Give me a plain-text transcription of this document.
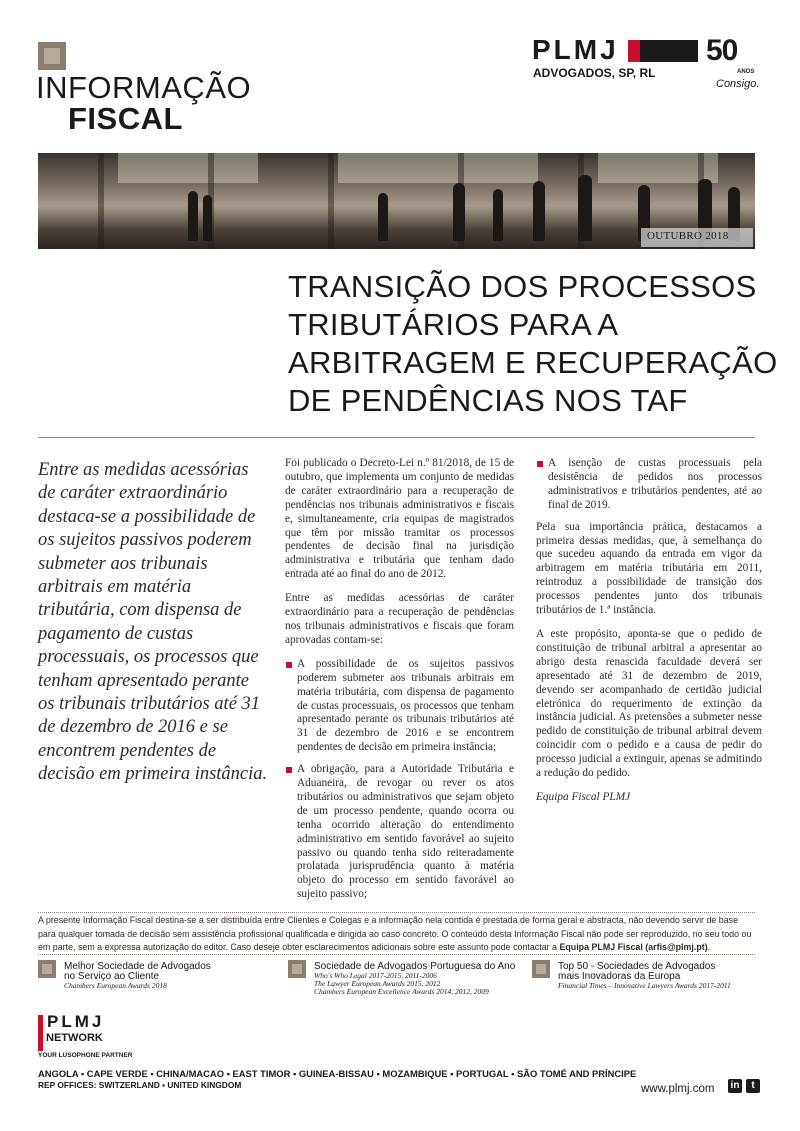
INFORMAÇÃO
FISCAL
PLMJ
ADVOGADOS, SP, RL
50
ANOS
Consigo.
OUTUBRO 2018
TRANSIÇÃO DOS PROCESSOS
TRIBUTÁRIOS PARA A
ARBITRAGEM E RECUPERAÇÃO
DE PENDÊNCIAS NOS TAF
Entre as medidas acessórias de caráter extraordinário destaca-se a possibilidade de os sujeitos passivos poderem submeter aos tribunais arbitrais em matéria tributária, com dispensa de pagamento de custas processuais, os processos que tenham apresentado perante os tribunais tributários até 31 de dezembro de 2016 e se encontrem pendentes de decisão em primeira instância.

Foi publicado o Decreto-Lei n.º 81/2018, de 15 de outubro, que implementa um conjunto de medidas de caráter extraordinário para a recuperação de pendências nos tribunais administrativos e fiscais e, simultaneamente, cria equipas de magistrados que têm por missão tramitar os processos pendentes de decisão final na jurisdição administrativa e tributária que tenham dado entrada até ao final do ano de 2012.

Entre as medidas acessórias de caráter extraordinário para a recuperação de pendências nos tribunais administrativos e fiscais que foram aprovadas contam-se:

A possibilidade de os sujeitos passivos poderem submeter aos tribunais arbitrais em matéria tributária, com dispensa de pagamento de custas processuais, os processos que tenham apresentado perante os tribunais tributários até 31 de dezembro de 2016 e se encontrem pendentes de decisão em primeira instância;
A obrigação, para a Autoridade Tributária e Aduaneira, de revogar ou rever os atos tributários ou administrativos que sejam objeto de um processo pendente, quando ocorra ou tenha ocorrido alteração do entendimento administrativo em sentido favorável ao sujeito passivo ou quando tenha sido reiteradamente prolatada jurisprudência quanto à matéria objeto do processo em sentido favorável ao sujeito passivo;
A isenção de custas processuais pela desistência de pedidos nos processos administrativos e tributários pendentes, até ao final de 2019.

Pela sua importância prática, destacamos a primeira dessas medidas, que, à semelhança do que sucedeu aquando da entrada em vigor da arbitragem em matéria tributária em 2011, reintroduz a possibilidade de transição dos processos pendentes junto dos tribunais tributários de 1.ª instância.

A este propósito, aponta-se que o pedido de constituição de tribunal arbitral a apresentar ao abrigo desta renascida faculdade deverá ser apresentado até 31 de dezembro de 2019, devendo ser acompanhado de certidão judicial eletrónica do requerimento de extinção da instância judicial. As pretensões a submeter nesse pedido de constituição de tribunal arbitral devem coincidir com o pedido e a causa de pedir do processo judicial a extinguir, apenas se admitindo a redução do pedido.

Equipa Fiscal PLMJ

A presente Informação Fiscal destina-se a ser distribuída entre Clientes e Colegas e a informação nela contida é prestada de forma geral e abstracta, não devendo servir de base para qualquer tomada de decisão sem assistência profissional qualificada e dirigida ao caso concreto. O conteúdo desta Informação Fiscal não pode ser reproduzido, no seu todo ou em parte, sem a expressa autorização do editor. Caso deseje obter esclarecimentos adicionais sobre este assunto pode contactar a Equipa PLMJ Fiscal (arfis@plmj.pt).
Melhor Sociedade de Advogados
no Serviço ao Cliente
Chambers European Awards 2018
Sociedade de Advogados Portuguesa do Ano
Who's Who Legal 2017-2015, 2011-2006
The Lawyer European Awards 2015, 2012
Chambers European Excellence Awards 2014, 2012, 2009
Top 50 - Sociedades de Advogados
mais Inovadoras da Europa
Financial Times – Innovative Lawyers Awards 2017-2011
PLMJ
NETWORK
YOUR LUSOPHONE PARTNER
ANGOLA ▪ CAPE VERDE ▪ CHINA/MACAO ▪ EAST TIMOR ▪ GUINEA-BISSAU ▪ MOZAMBIQUE ▪ PORTUGAL ▪ SÃO TOMÉ AND PRÍNCIPE
REP OFFICES: SWITZERLAND ▪ UNITED KINGDOM	www.plmj.com in	t
